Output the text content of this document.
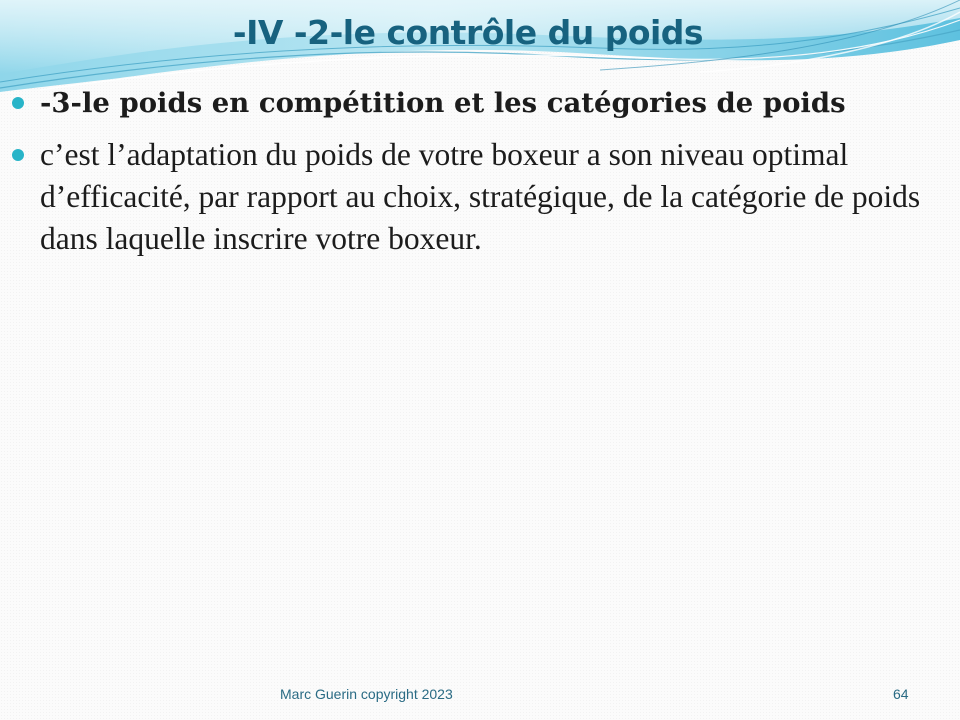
-IV -2-le contrôle du poids
-3-le poids en compétition et les catégories de poids
c’est l’adaptation du poids de votre boxeur a son niveau optimal d’efficacité, par rapport au choix, stratégique, de la catégorie de poids dans laquelle inscrire votre boxeur.
Marc Guerin copyright 2023	64
